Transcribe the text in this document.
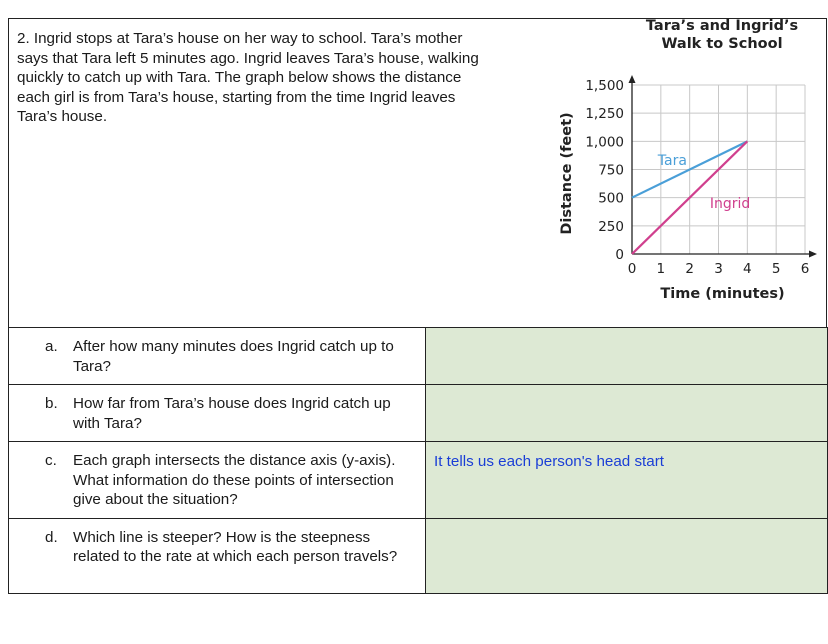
2. Ingrid stops at Tara’s house on her way to school. Tara’s mother
says that Tara left 5 minutes ago. Ingrid leaves Tara’s house, walking
quickly to catch up with Tara. The graph below shows the distance
each girl is from Tara’s house, starting from the time Ingrid leaves
Tara’s house.
a. After how many minutes does Ingrid catch up to Tara?	

b. How far from Tara’s house does Ingrid catch up with Tara?	

c. Each graph intersects the distance axis (y-axis). What information do these points of intersection give about the situation?	It tells us each person's head start

d. Which line is steeper? How is the steepness related to the rate at which each person travels?	

Tara’s and Ingrid’s
Walk to School
0 1 2 3 4 5 6
0
250
500
750
1,000
1,250
1,500
Time (minutes)
Distance (feet)	Tara
Ingrid
